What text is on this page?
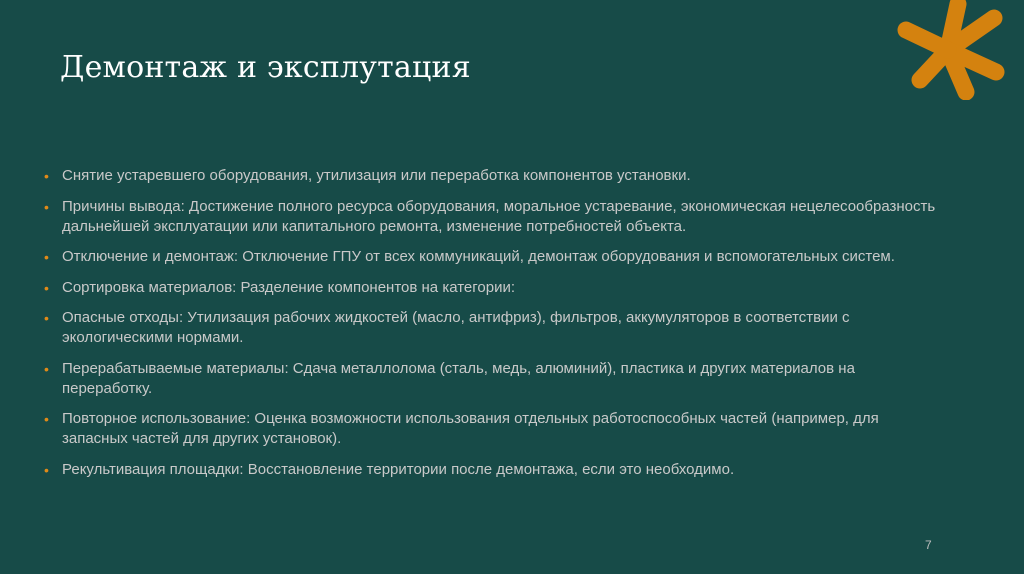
Демонтаж и эксплутация
• Снятие устаревшего оборудования, утилизация или переработка компонентов установки.
• Причины вывода: Достижение полного ресурса оборудования, моральное устаревание, экономическая нецелесообразность дальнейшей эксплуатации или капитального ремонта, изменение потребностей объекта.
• Отключение и демонтаж: Отключение ГПУ от всех коммуникаций, демонтаж оборудования и вспомогательных систем.
• Сортировка материалов: Разделение компонентов на категории:
• Опасные отходы: Утилизация рабочих жидкостей (масло, антифриз), фильтров, аккумуляторов в соответствии с экологическими нормами.
• Перерабатываемые материалы: Сдача металлолома (сталь, медь, алюминий), пластика и других материалов на переработку.
• Повторное использование: Оценка возможности использования отдельных работоспособных частей (например, для запасных частей для других установок).
• Рекультивация площадки: Восстановление территории после демонтажа, если это необходимо.
7
